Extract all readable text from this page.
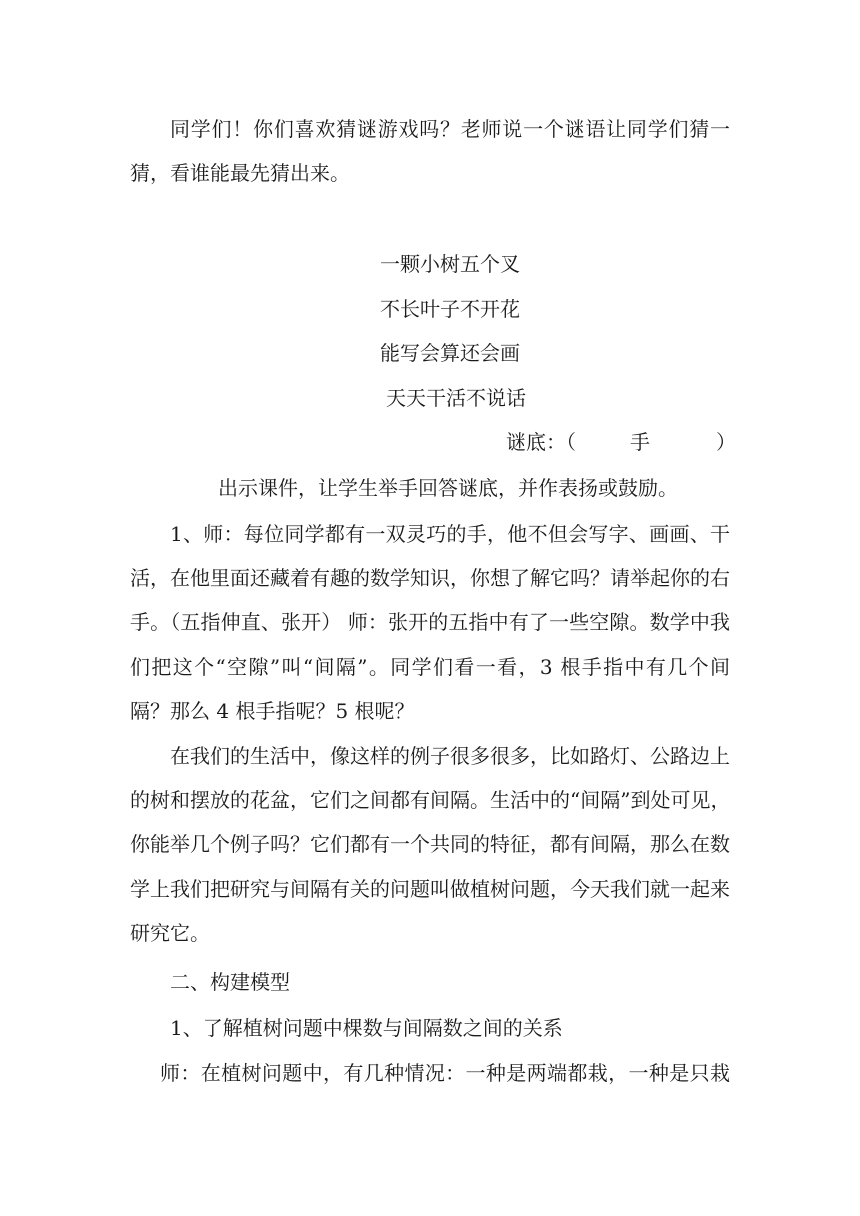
同学们！你们喜欢猜谜游戏吗？老师说一个谜语让同学们猜一

猜，看谁能最先猜出来。

一颗小树五个叉

不长叶子不开花

能写会算还会画

天天干活不说话

谜底：（	手	）

出示课件，让学生举手回答谜底，并作表扬或鼓励。

1、师：每位同学都有一双灵巧的手，他不但会写字、画画、干

活，在他里面还藏着有趣的数学知识，你想了解它吗？请举起你的右

手。（五指伸直、张开） 师：张开的五指中有了一些空隙。数学中我

们把这个“空隙”叫“间隔”。同学们看一看，3 根手指中有几个间

隔？那么 4 根手指呢？5 根呢？

在我们的生活中，像这样的例子很多很多，比如路灯、公路边上

的树和摆放的花盆，它们之间都有间隔。生活中的“间隔”到处可见，

你能举几个例子吗？它们都有一个共同的特征，都有间隔，那么在数

学上我们把研究与间隔有关的问题叫做植树问题，今天我们就一起来

研究它。

二、构建模型

1、了解植树问题中棵数与间隔数之间的关系

师：在植树问题中，有几种情况：一种是两端都栽，一种是只栽
